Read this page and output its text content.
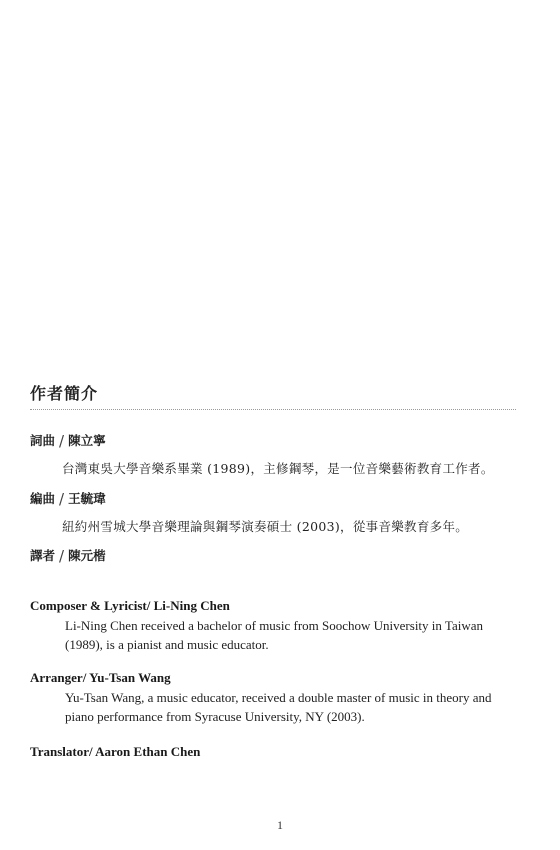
作者簡介
詞曲 / 陳立寧
台灣東吳大學音樂系畢業 (1989)，主修鋼琴，是一位音樂藝術教育工作者。
編曲 / 王毓瑋
紐約州雪城大學音樂理論與鋼琴演奏碩士 (2003)，從事音樂教育多年。
譯者 / 陳元楷
Composer & Lyricist/ Li-Ning Chen
Li-Ning Chen received a bachelor of music from Soochow University in Taiwan (1989), is a pianist and music educator.
Arranger/ Yu-Tsan Wang
Yu-Tsan Wang, a music educator, received a double master of music in theory and piano performance from Syracuse University, NY (2003).
Translator/ Aaron Ethan Chen
1
